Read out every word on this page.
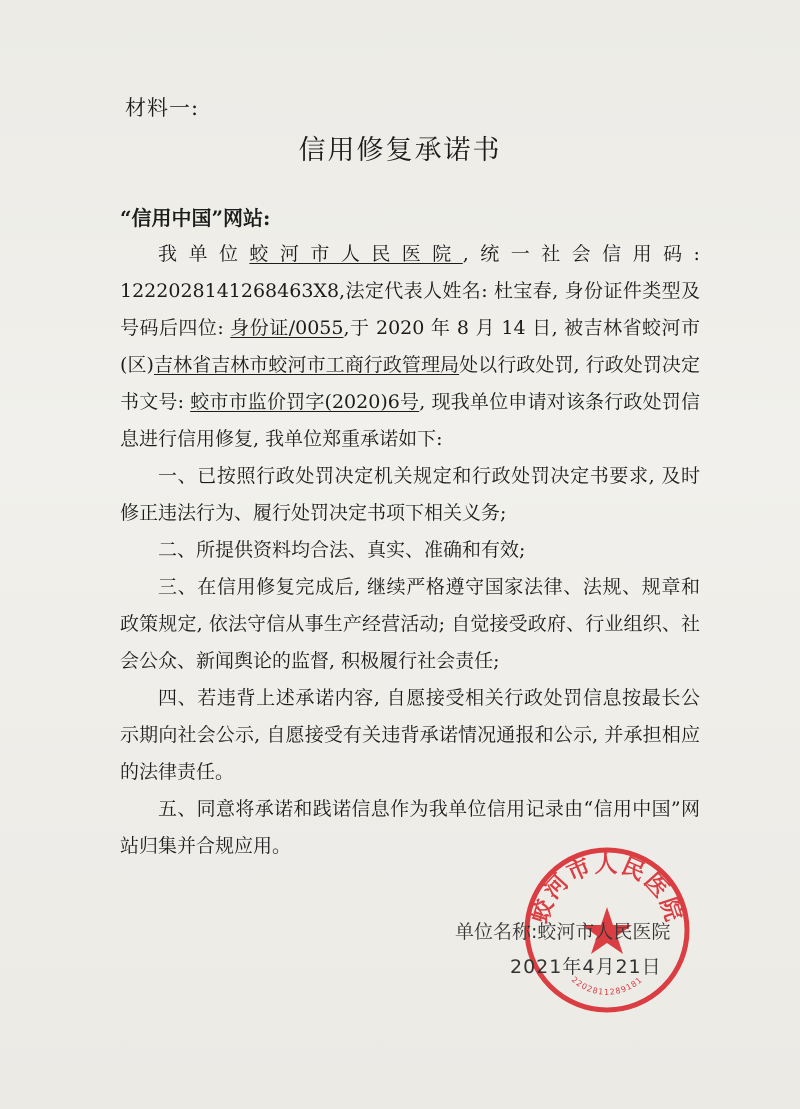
材料一:
信用修复承诺书
“信用中国”网站:

我单位蛟河市人民医院,统一社会信用码: 1222028141268463X8,法定代表人姓名: 杜宝春, 身份证件类型及号码后四位: 身份证/0055,于 2020 年 8 月 14 日, 被吉林省蛟河市(区)吉林省吉林市蛟河市工商行政管理局处以行政处罚, 行政处罚决定书文号: 蛟市市监价罚字(2020)6号, 现我单位申请对该条行政处罚信息进行信用修复, 我单位郑重承诺如下:

一、已按照行政处罚决定机关规定和行政处罚决定书要求, 及时修正违法行为、履行处罚决定书项下相关义务;

二、所提供资料均合法、真实、准确和有效;

三、在信用修复完成后, 继续严格遵守国家法律、法规、规章和政策规定, 依法守信从事生产经营活动; 自觉接受政府、行业组织、社会公众、新闻舆论的监督, 积极履行社会责任;

四、若违背上述承诺内容, 自愿接受相关行政处罚信息按最长公示期向社会公示, 自愿接受有关违背承诺情况通报和公示, 并承担相应的法律责任。

五、同意将承诺和践诺信息作为我单位信用记录由“信用中国”网站归集并合规应用。

蛟河市人民医院
2202811289181
单位名称:蛟河市人民医院
2021年4月21日
